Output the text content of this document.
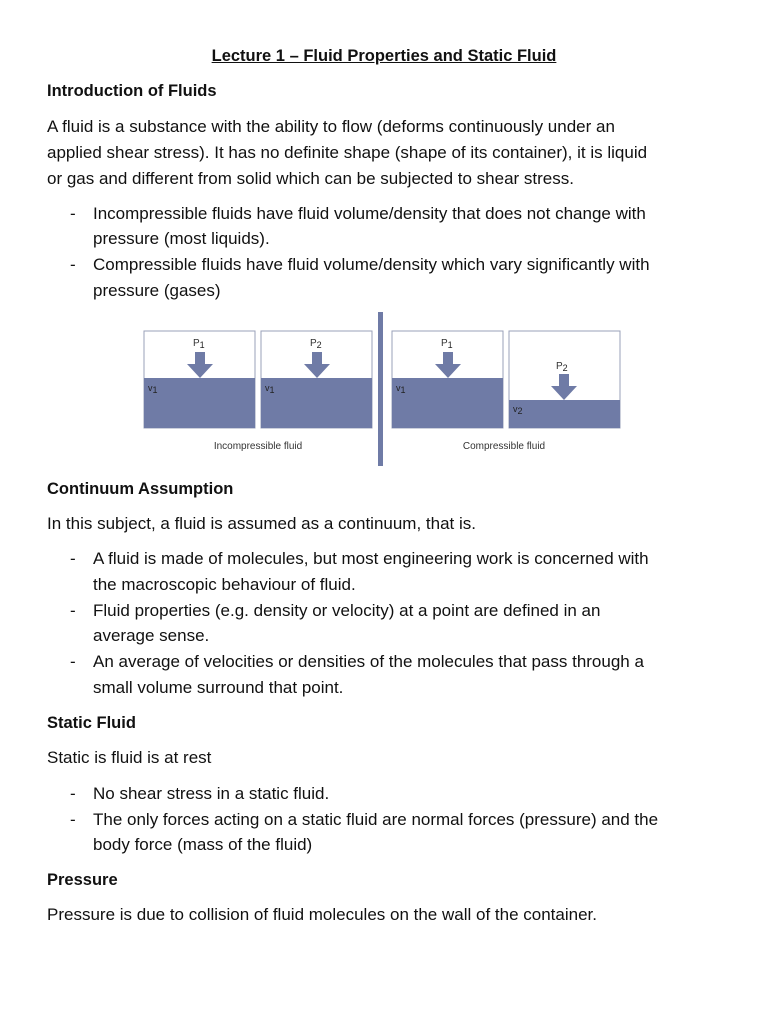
Lecture 1 – Fluid Properties and Static Fluid
Introduction of Fluids
A fluid is a substance with the ability to flow (deforms continuously under an
applied shear stress). It has no definite shape (shape of its container), it is liquid
or gas and different from solid which can be subjected to shear stress.
- Incompressible fluids have fluid volume/density that does not change with
pressure (most liquids).
- Compressible fluids have fluid volume/density which vary significantly with
pressure (gases)
P1
v1
P2
v1
P1
v1
P2
v2
Incompressible fluid	Compressible fluid
Continuum Assumption
In this subject, a fluid is assumed as a continuum, that is.
- A fluid is made of molecules, but most engineering work is concerned with
the macroscopic behaviour of fluid.
- Fluid properties (e.g. density or velocity) at a point are defined in an
average sense.
- An average of velocities or densities of the molecules that pass through a
small volume surround that point.
Static Fluid
Static is fluid is at rest
- No shear stress in a static fluid.
- The only forces acting on a static fluid are normal forces (pressure) and the
body force (mass of the fluid)
Pressure
Pressure is due to collision of fluid molecules on the wall of the container.
